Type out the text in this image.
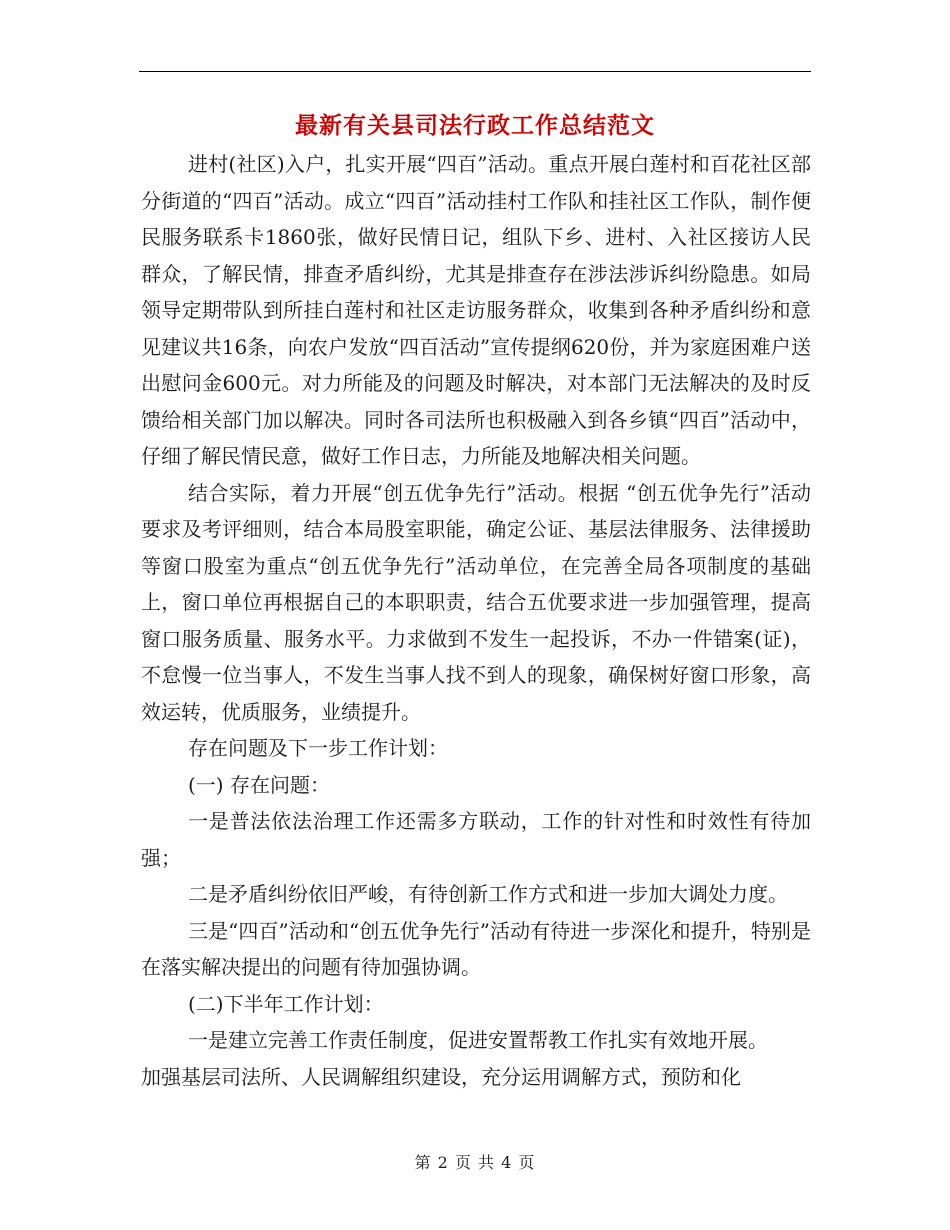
最新有关县司法行政工作总结范文

进村(社区)入户，扎实开展“四百”活动。重点开展白莲村和百花社区部分街道的“四百”活动。成立“四百”活动挂村工作队和挂社区工作队，制作便民服务联系卡1860张，做好民情日记，组队下乡、进村、入社区接访人民群众，了解民情，排查矛盾纠纷，尤其是排查存在涉法涉诉纠纷隐患。如局领导定期带队到所挂白莲村和社区走访服务群众，收集到各种矛盾纠纷和意见建议共16条，向农户发放“四百活动”宣传提纲620份，并为家庭困难户送出慰问金600元。对力所能及的问题及时解决，对本部门无法解决的及时反馈给相关部门加以解决。同时各司法所也积极融入到各乡镇“四百”活动中，仔细了解民情民意，做好工作日志，力所能及地解决相关问题。

结合实际，着力开展“创五优争先行”活动。根据 “创五优争先行”活动要求及考评细则，结合本局股室职能，确定公证、基层法律服务、法律援助等窗口股室为重点“创五优争先行”活动单位，在完善全局各项制度的基础上，窗口单位再根据自己的本职职责，结合五优要求进一步加强管理，提高窗口服务质量、服务水平。力求做到不发生一起投诉，不办一件错案(证)，不怠慢一位当事人，不发生当事人找不到人的现象，确保树好窗口形象，高效运转，优质服务，业绩提升。

存在问题及下一步工作计划：

(一) 存在问题：

一是普法依法治理工作还需多方联动，工作的针对性和时效性有待加强；

二是矛盾纠纷依旧严峻，有待创新工作方式和进一步加大调处力度。

三是“四百”活动和“创五优争先行”活动有待进一步深化和提升，特别是在落实解决提出的问题有待加强协调。

(二)下半年工作计划：

一是建立完善工作责任制度，促进安置帮教工作扎实有效地开展。

加强基层司法所、人民调解组织建设，充分运用调解方式，预防和化

第 2 页 共 4 页
